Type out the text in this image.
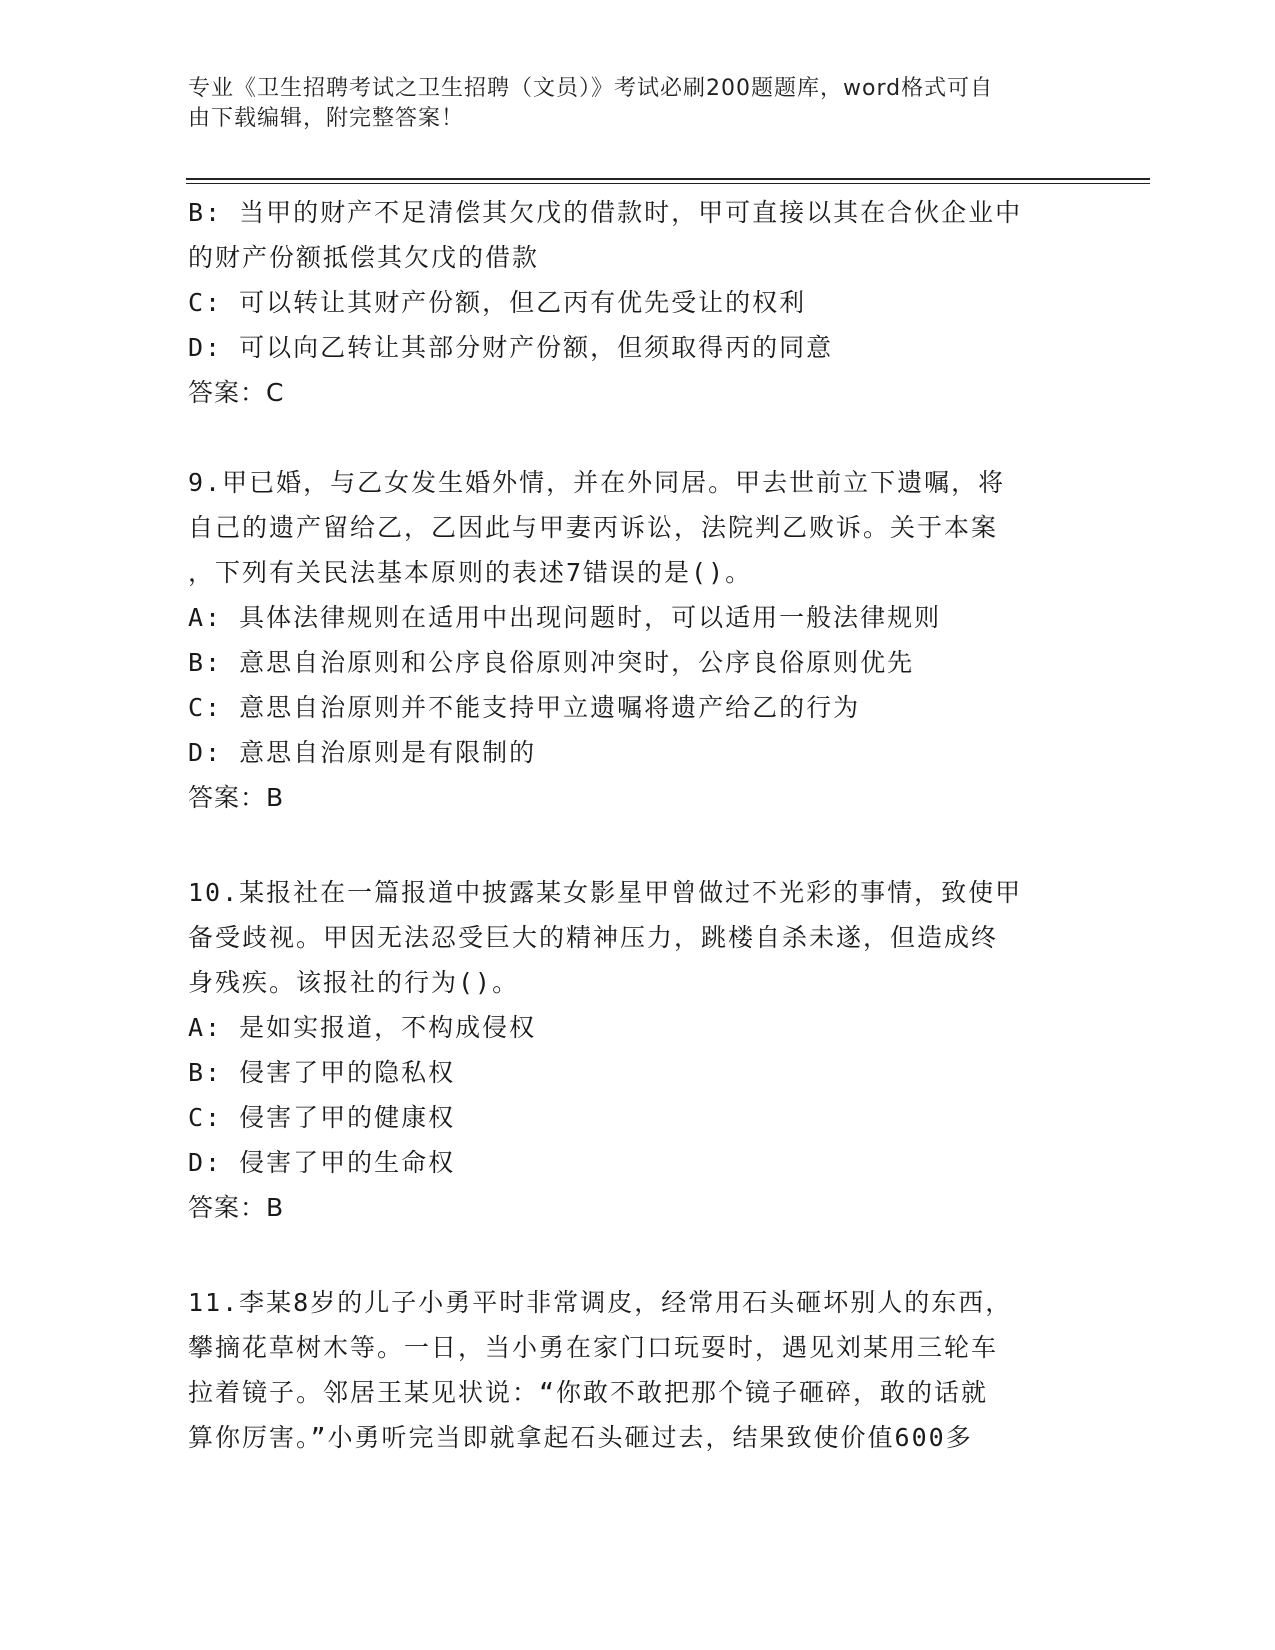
专业《卫生招聘考试之卫生招聘（文员）》考试必刷200题题库，word格式可自
由下载编辑，附完整答案！
B: 当甲的财产不足清偿其欠戊的借款时，甲可直接以其在合伙企业中
的财产份额抵偿其欠戊的借款
C: 可以转让其财产份额，但乙丙有优先受让的权利
D: 可以向乙转让其部分财产份额，但须取得丙的同意
答案：C
9.甲已婚，与乙女发生婚外情，并在外同居。甲去世前立下遗嘱，将
自己的遗产留给乙，乙因此与甲妻丙诉讼，法院判乙败诉。关于本案
，下列有关民法基本原则的表述7错误的是()。
A: 具体法律规则在适用中出现问题时，可以适用一般法律规则
B: 意思自治原则和公序良俗原则冲突时，公序良俗原则优先
C: 意思自治原则并不能支持甲立遗嘱将遗产给乙的行为
D: 意思自治原则是有限制的
答案：B
10.某报社在一篇报道中披露某女影星甲曾做过不光彩的事情，致使甲
备受歧视。甲因无法忍受巨大的精神压力，跳楼自杀未遂，但造成终
身残疾。该报社的行为()。
A: 是如实报道，不构成侵权
B: 侵害了甲的隐私权
C: 侵害了甲的健康权
D: 侵害了甲的生命权
答案：B
11.李某8岁的儿子小勇平时非常调皮，经常用石头砸坏别人的东西，
攀摘花草树木等。一日，当小勇在家门口玩耍时，遇见刘某用三轮车
拉着镜子。邻居王某见状说：“你敢不敢把那个镜子砸碎，敢的话就
算你厉害。”小勇听完当即就拿起石头砸过去，结果致使价值600多
